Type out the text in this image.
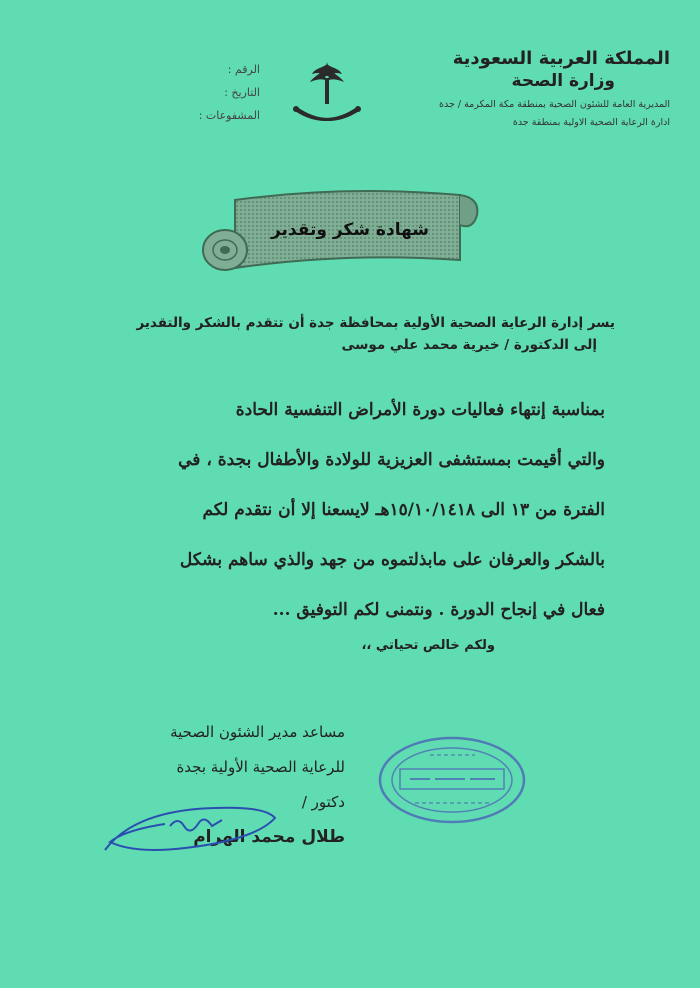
المملكة العربية السعودية

وزارة الصحة

المديرية العامة للشئون الصحية بمنطقة مكة المكرمة / جدة

ادارة الرعاية الصحية الاولية بمنطقة جدة

الرقم :
التاريخ :
المشفوعات :
شهادة شكر وتقدير

يسر إدارة الرعاية الصحية الأولية بمحافظة جدة أن تتقدم بالشكر والتقدير

إلى الدكتورة / خيرية محمد علي موسى

بمناسبة إنتهاء فعاليات دورة الأمراض التنفسية الحادة

والتي أقيمت بمستشفى العزيزية للولادة والأطفال بجدة ، في

الفترة من ١٣ الى ١٥/١٠/١٤١٨هـ لايسعنا إلا أن نتقدم لكم

بالشكر والعرفان على مابذلتموه من جهد والذي ساهم بشكل

فعال في إنجاح الدورة . ونتمنى لكم التوفيق ...

ولكم خالص تحياتي ،،

مساعد مدير الشئون الصحية

للرعاية الصحية الأولية بجدة

دكتور /

طلال محمد الهرام
